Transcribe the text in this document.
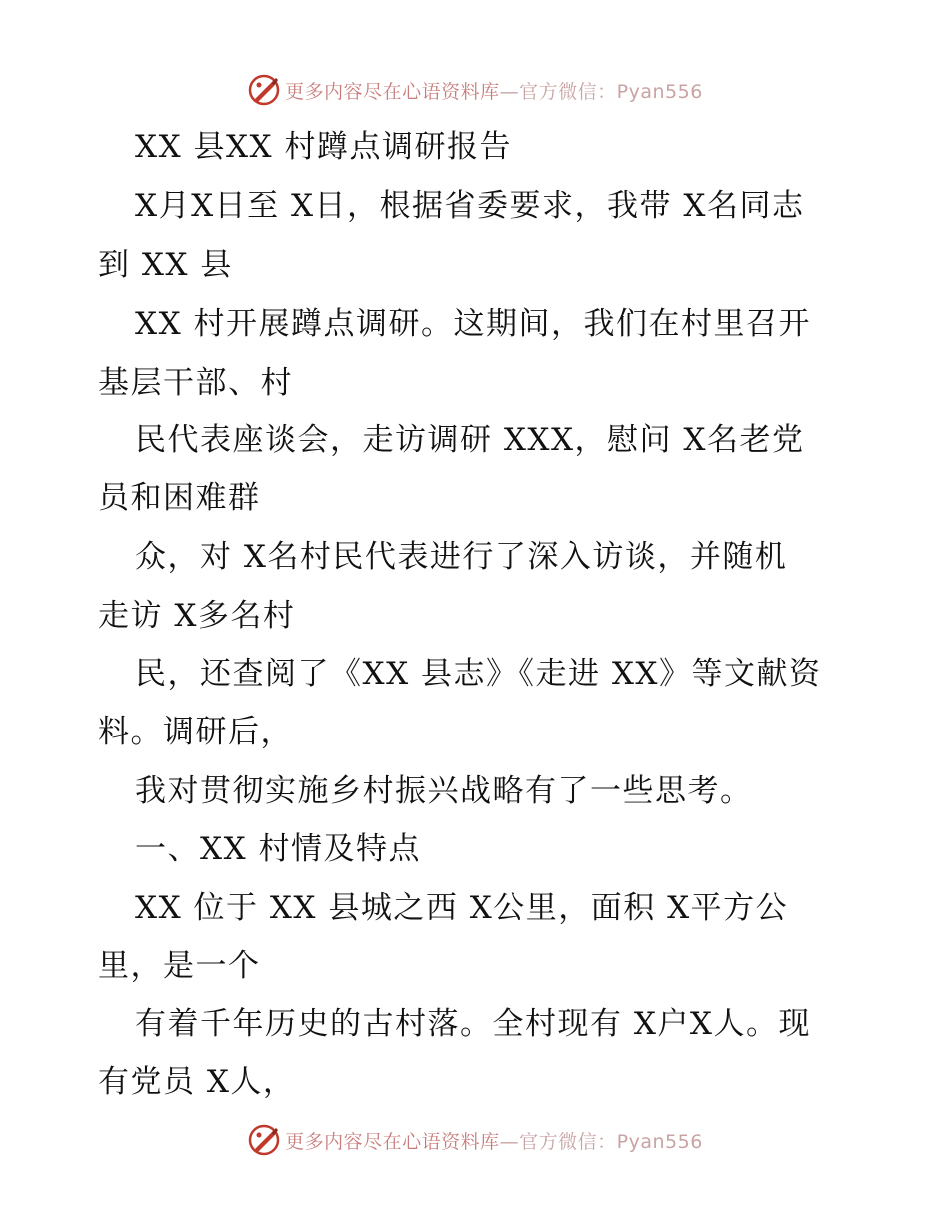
更多内容尽在心语资料库—官方微信：Pyan556
XX 县XX 村蹲点调研报告
X月X日至 X日，根据省委要求，我带 X名同志
到 XX 县
XX 村开展蹲点调研。这期间，我们在村里召开
基层干部、村
民代表座谈会，走访调研 XXX，慰问 X名老党
员和困难群
众，对 X名村民代表进行了深入访谈，并随机
走访 X多名村
民，还查阅了《XX 县志》《走进 XX》等文献资
料。调研后，
我对贯彻实施乡村振兴战略有了一些思考。
一、XX 村情及特点
XX 位于 XX 县城之西 X公里，面积 X平方公
里，是一个
有着千年历史的古村落。全村现有 X户X人。现
有党员 X人，
更多内容尽在心语资料库—官方微信：Pyan556
